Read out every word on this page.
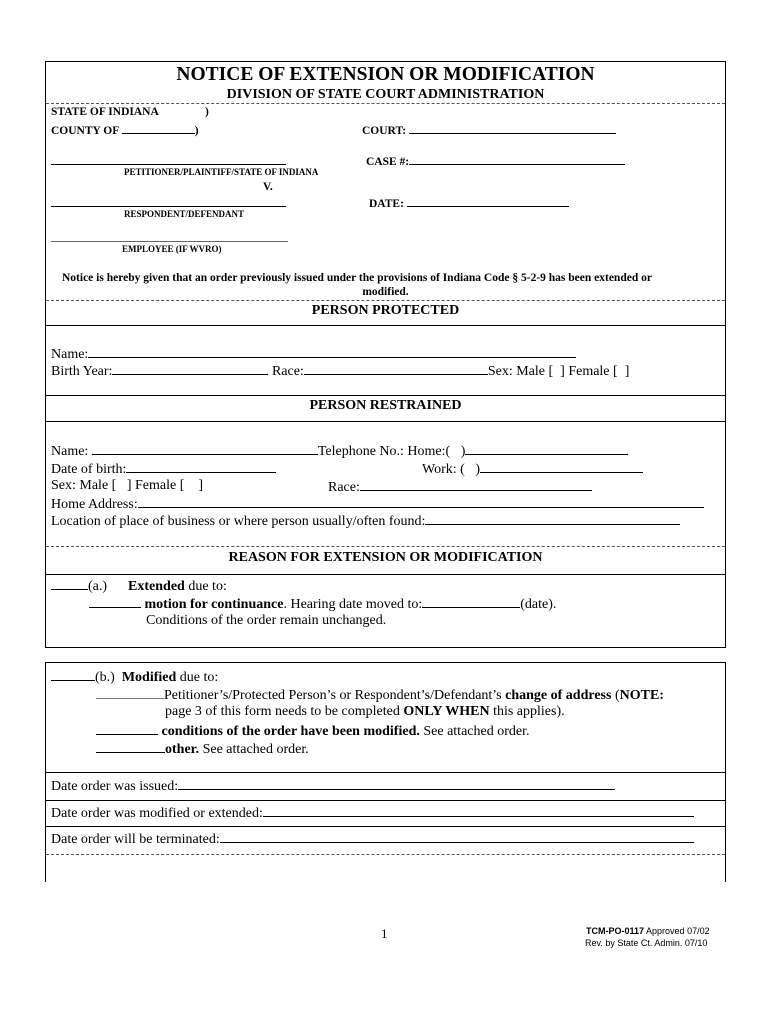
NOTICE OF EXTENSION OR MODIFICATION
DIVISION OF STATE COURT ADMINISTRATION
STATE OF INDIANA	)
COUNTY OF	)	COURT:
CASE #:
PETITIONER/PLAINTIFF/STATE OF INDIANA
V.
DATE:
RESPONDENT/DEFENDANT
EMPLOYEE (IF WVRO)
Notice is hereby given that an order previously issued under the provisions of Indiana Code § 5-2-9 has been extended or
modified.
PERSON PROTECTED
Name:
Birth Year:	Race:	Sex: Male [ ] Female [ ]
PERSON RESTRAINED
Name:	Telephone No.: Home:( )
Date of birth:	Work: ( )
Sex: Male [ ] Female [ ]	Race:
Home Address:
Location of place of business or where person usually/often found:
REASON FOR EXTENSION OR MODIFICATION
(a.) Extended due to:
motion for continuance. Hearing date moved to:	(date).
Conditions of the order remain unchanged.
(b.) Modified due to:
Petitioner’s/Protected Person’s or Respondent’s/Defendant’s change of address (NOTE:
page 3 of this form needs to be completed ONLY WHEN this applies).
conditions of the order have been modified. See attached order.
other. See attached order.
Date order was issued:
Date order was modified or extended:
Date order will be terminated:
1	TCM-PO-0117 Approved 07/02
Rev. by State Ct. Admin. 07/10
